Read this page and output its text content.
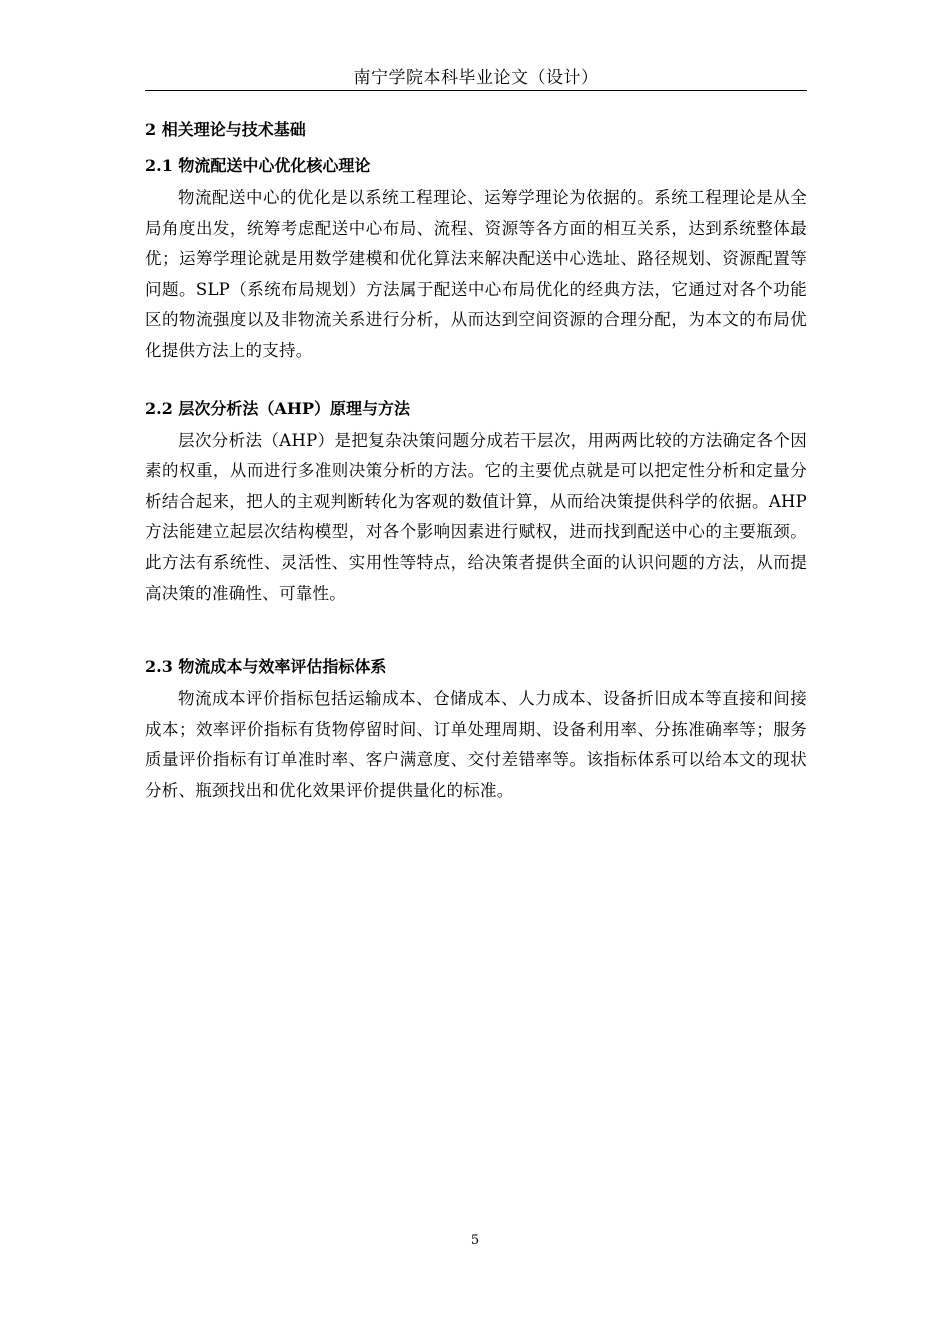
南宁学院本科毕业论文（设计）

2 相关理论与技术基础

2.1 物流配送中心优化核心理论

物流配送中心的优化是以系统工程理论、运筹学理论为依据的。系统工程理论是从全局角度出发，统筹考虑配送中心布局、流程、资源等各方面的相互关系，达到系统整体最优；运筹学理论就是用数学建模和优化算法来解决配送中心选址、路径规划、资源配置等问题。SLP（系统布局规划）方法属于配送中心布局优化的经典方法，它通过对各个功能区的物流强度以及非物流关系进行分析，从而达到空间资源的合理分配，为本文的布局优化提供方法上的支持。

2.2 层次分析法（AHP）原理与方法

层次分析法（AHP）是把复杂决策问题分成若干层次，用两两比较的方法确定各个因素的权重，从而进行多准则决策分析的方法。它的主要优点就是可以把定性分析和定量分析结合起来，把人的主观判断转化为客观的数值计算，从而给决策提供科学的依据。AHP方法能建立起层次结构模型，对各个影响因素进行赋权，进而找到配送中心的主要瓶颈。此方法有系统性、灵活性、实用性等特点，给决策者提供全面的认识问题的方法，从而提高决策的准确性、可靠性。

2.3 物流成本与效率评估指标体系

物流成本评价指标包括运输成本、仓储成本、人力成本、设备折旧成本等直接和间接成本；效率评价指标有货物停留时间、订单处理周期、设备利用率、分拣准确率等；服务质量评价指标有订单准时率、客户满意度、交付差错率等。该指标体系可以给本文的现状分析、瓶颈找出和优化效果评价提供量化的标准。

5
